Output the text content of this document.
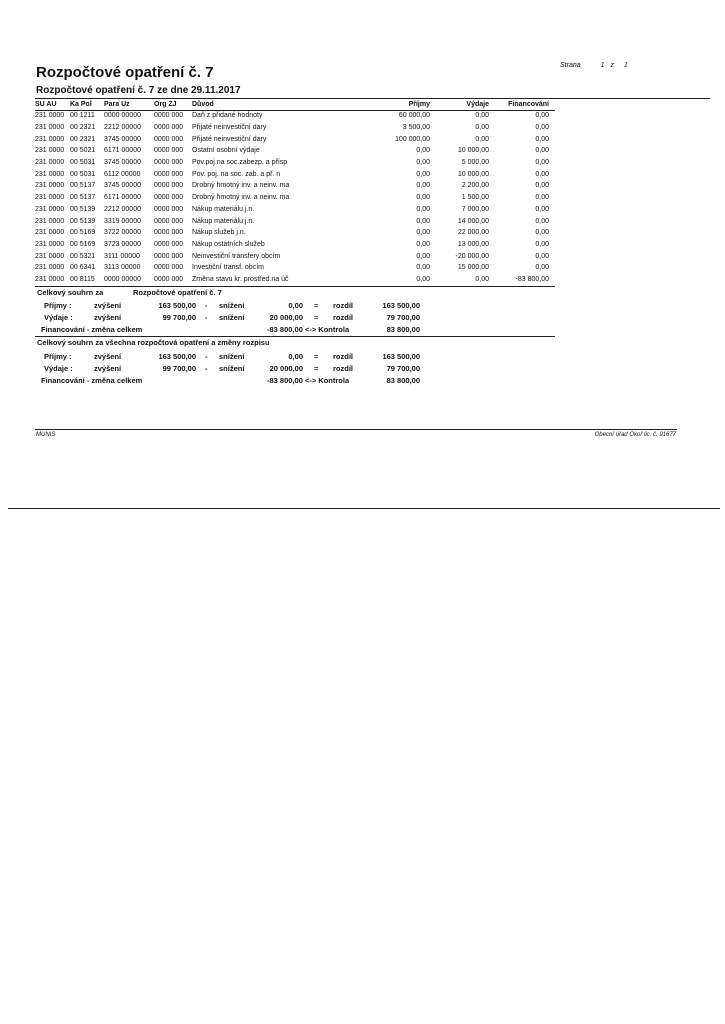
Rozpočtové opatření č. 7	Strana	1 z 1
Rozpočtové opatření č. 7 ze dne 29.11.2017
SU AU	Ka Pol	Para Uz	Org ZJ	Důvod	Příjmy	Výdaje	Financování
231 0000	00 1211	0000 00000	0000 000	Daň z přidané hodnoty	60 000,00	0,00	0,00
231 0000	00 2321	2212 00000	0000 000	Přijaté neinvestiční dary	3 500,00	0,00	0,00
231 0000	00 2321	3745 00000	0000 000	Přijaté neinvestiční dary	100 000,00	0,00	0,00
231 0000	00 5021	6171 00000	0000 000	Ostatní osobní výdaje	0,00	10 000,00	0,00
231 0000	00 5031	3745 00000	0000 000	Pov.poj.na soc.zabezp. a přísp	0,00	5 000,00	0,00
231 0000	00 5031	6112 00000	0000 000	Pov. poj. na soc. zab. a př. n	0,00	10 000,00	0,00
231 0000	00 5137	3745 00000	0000 000	Drobný hmotný inv. a neinv. ma	0,00	2 200,00	0,00
231 0000	00 5137	6171 00000	0000 000	Drobný hmotný inv. a neinv. ma	0,00	1 500,00	0,00
231 0000	00 5139	2212 00000	0000 000	Nákup materiálu j.n.	0,00	7 000,00	0,00
231 0000	00 5139	3319 00000	0000 000	Nákup materiálu j.n.	0,00	14 000,00	0,00
231 0000	00 5169	3722 00000	0000 000	Nákup služeb j.n.	0,00	22 000,00	0,00
231 0000	00 5169	3723 00000	0000 000	Nákup ostatních služeb	0,00	13 000,00	0,00
231 0000	00 5321	3111 00000	0000 000	Neinvestiční transfery obcím	0,00	-20 000,00	0,00
231 0000	00 6341	3113 00000	0000 000	Investiční transf. obcím	0,00	15 000,00	0,00
231 0000	00 8115	0000 00000	0000 000	Změna stavu kr. prostřed.na úč	0,00	0,00	-83 800,00
Celkový souhrn za	Rozpočtové opatření č. 7
Příjmy :	zvýšení	163 500,00 - snížení	0,00 = rozdíl	163 500,00
Výdaje :	zvýšení	99 700,00 - snížení	20 000,00 = rozdíl	79 700,00
Financování - změna celkem	-83 800,00 <-> Kontrola	83 800,00
Celkový souhrn za všechna rozpočtová opatření a změny rozpisu
Příjmy :	zvýšení	163 500,00 - snížení	0,00 = rozdíl	163 500,00
Výdaje :	zvýšení	99 700,00 - snížení	20 000,00 = rozdíl	79 700,00
Financování - změna celkem	-83 800,00 <-> Kontrola	83 800,00
MUNIS	Obecní úřad Okoř lic. č. 91677
